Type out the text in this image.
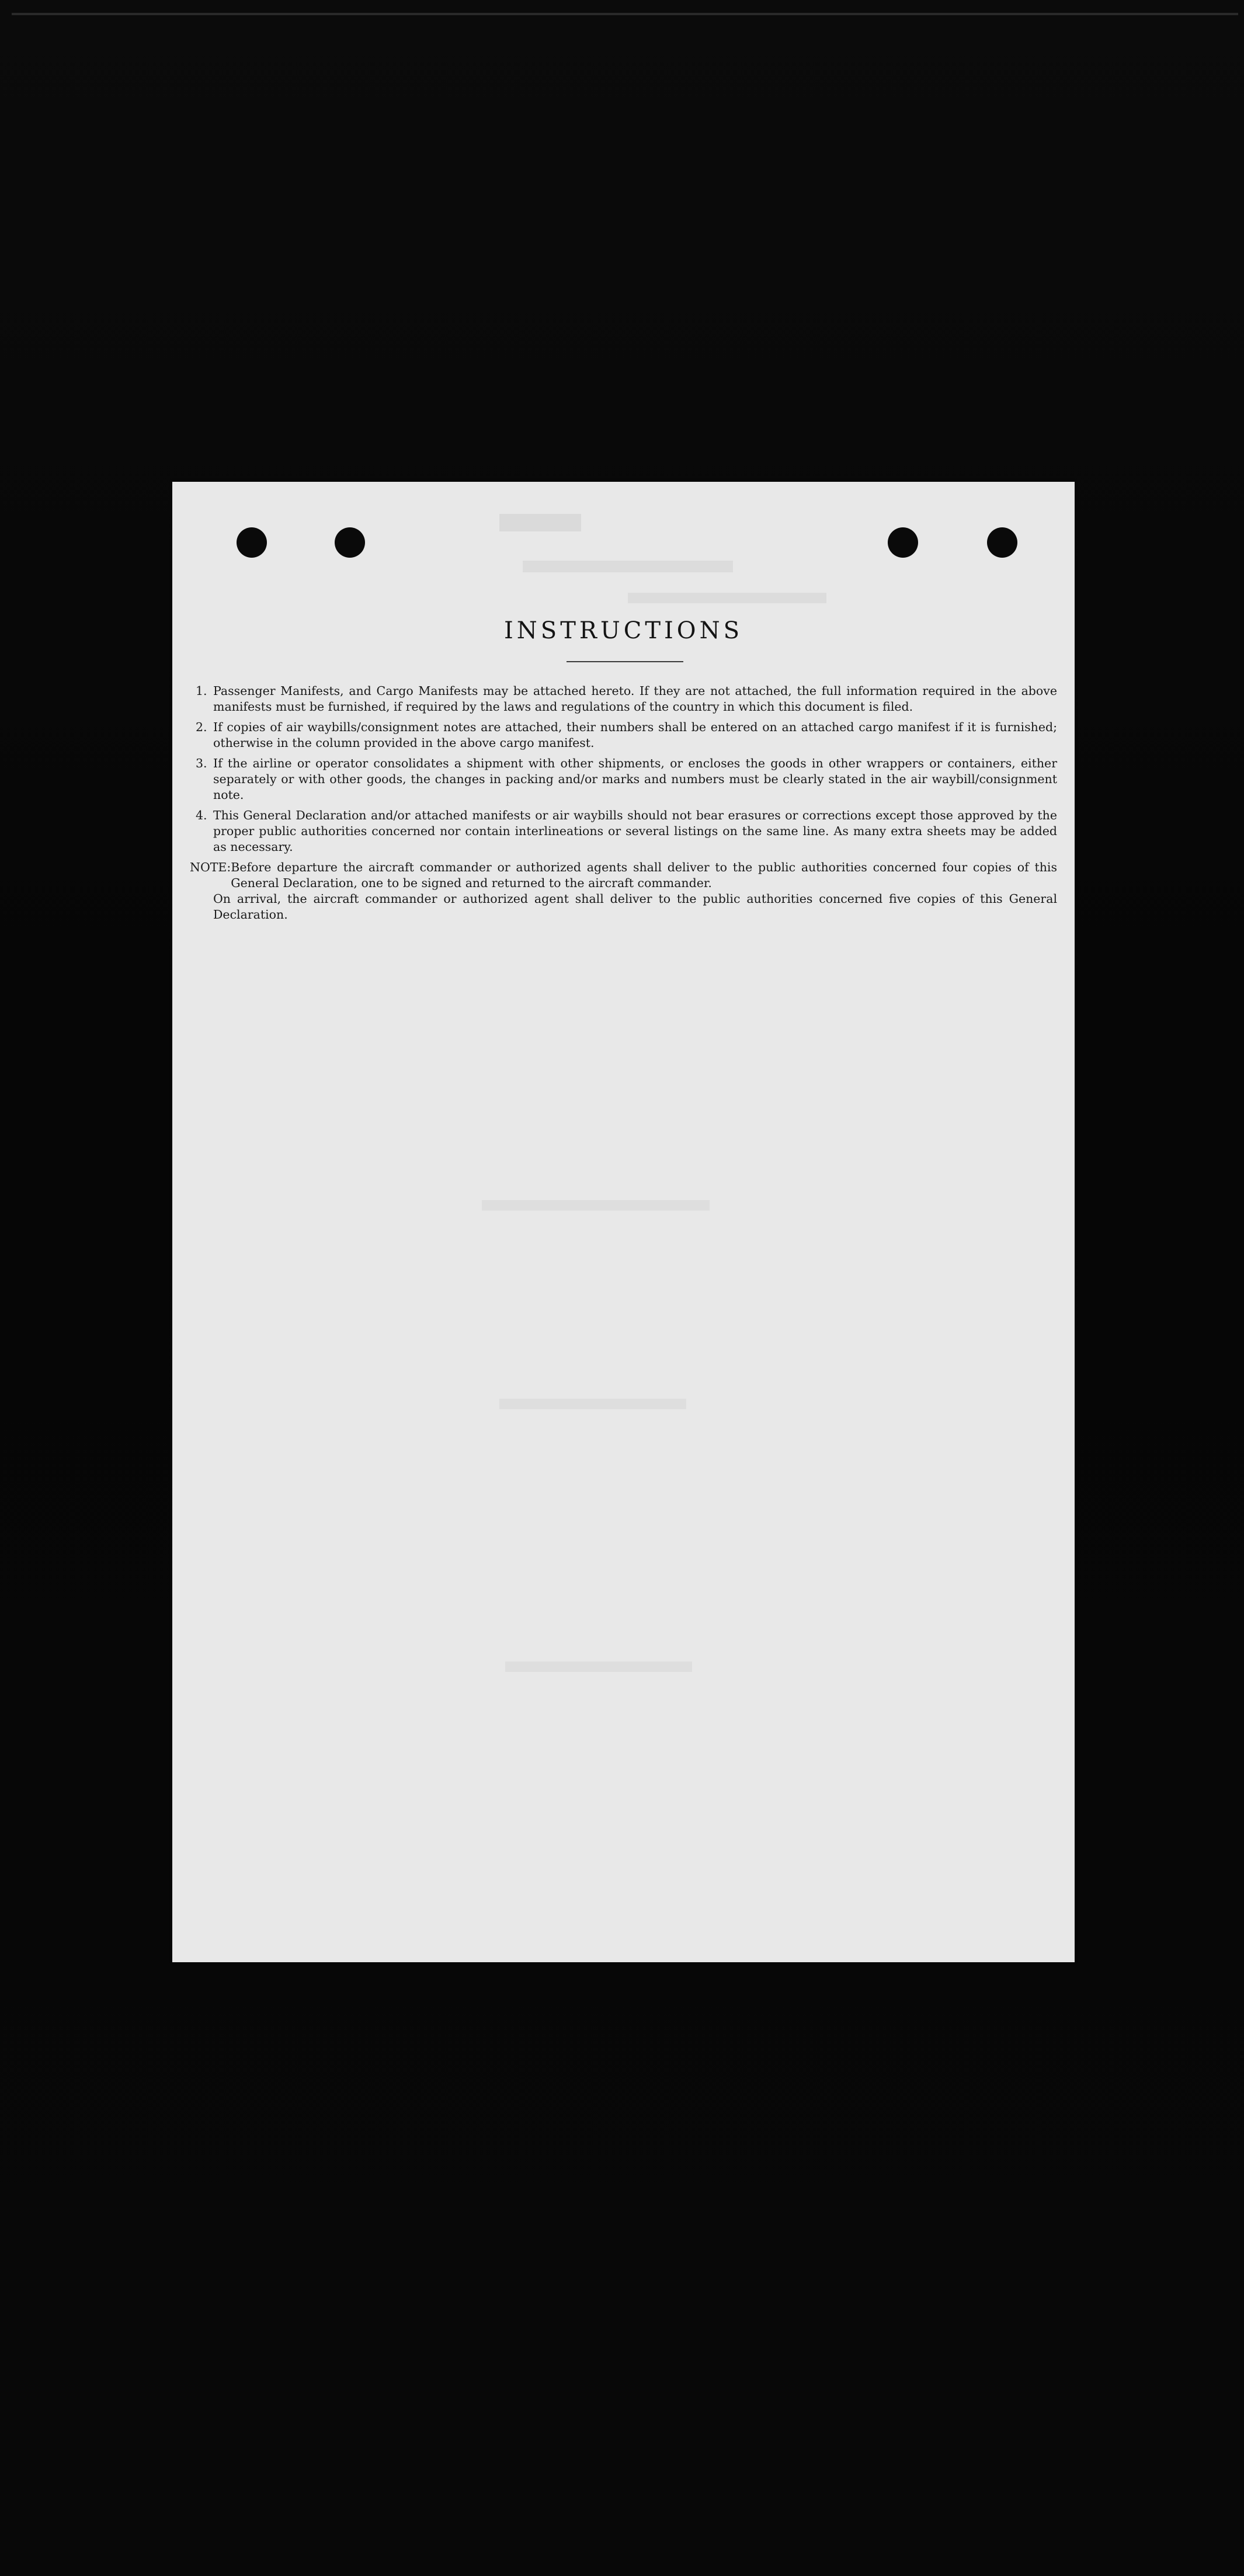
INSTRUCTIONS
1. Passenger Manifests, and Cargo Manifests may be attached hereto. If they are not attached, the full information required in the above manifests must be furnished, if required by the laws and regulations of the country in which this document is filed.
2. If copies of air waybills/consignment notes are attached, their numbers shall be entered on an attached cargo manifest if it is furnished; otherwise in the column provided in the above cargo manifest.
3. If the airline or operator consolidates a shipment with other shipments, or encloses the goods in other wrappers or containers, either separately or with other goods, the changes in packing and/or marks and numbers must be clearly stated in the air waybill/consignment note.
4. This General Declaration and/or attached manifests or air waybills should not bear erasures or corrections except those approved by the proper public authorities concerned nor contain interlineations or several listings on the same line. As many extra sheets may be added as necessary.
NOTE: Before departure the aircraft commander or authorized agents shall deliver to the public authorities concerned four copies of this General Declaration, one to be signed and returned to the aircraft commander.
On arrival, the aircraft commander or authorized agent shall deliver to the public authorities concerned five copies of this General Declaration.
